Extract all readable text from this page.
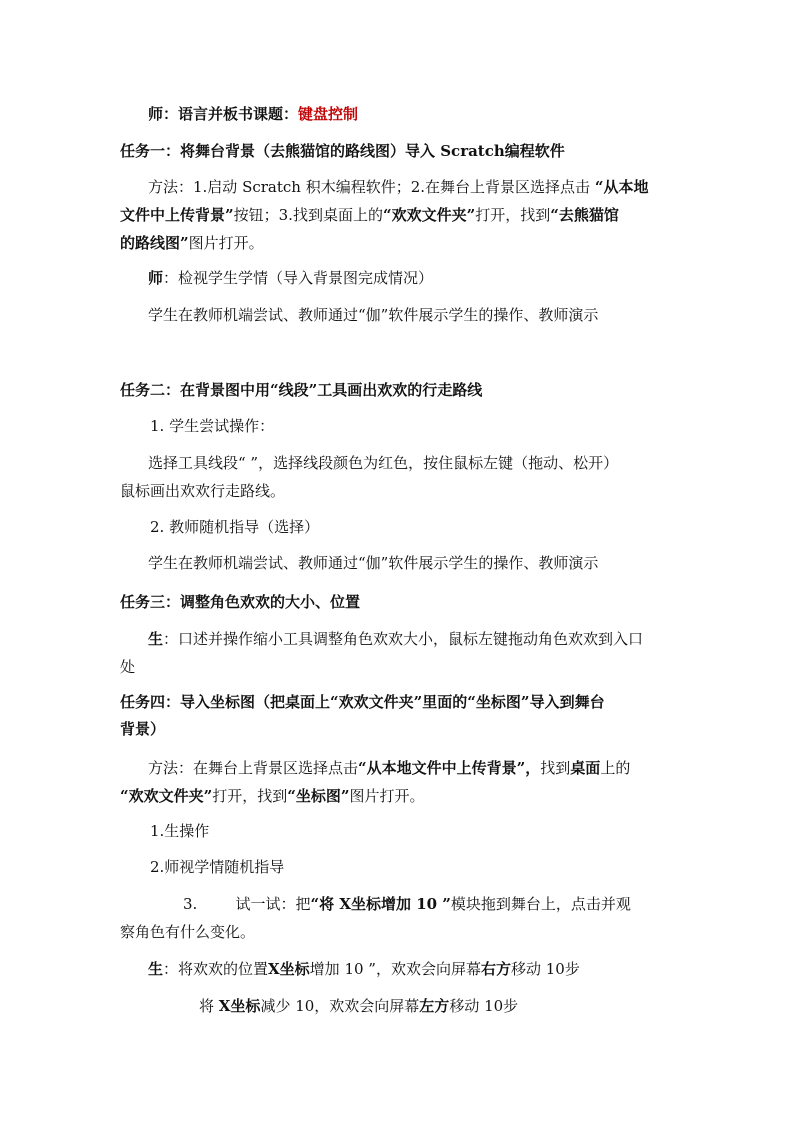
师：语言并板书课题：键盘控制
任务一：将舞台背景（去熊猫馆的路线图）导入 Scratch编程软件
方法：1.启动 Scratch 积木编程软件；2.在舞台上背景区选择点击 “从本地
文件中上传背景”按钮；3.找到桌面上的“欢欢文件夹”打开，找到“去熊猫馆
的路线图”图片打开。
师：检视学生学情（导入背景图完成情况）
学生在教师机端尝试、教师通过“伽”软件展示学生的操作、教师演示
任务二：在背景图中用“线段”工具画出欢欢的行走路线
1. 学生尝试操作：
选择工具线段“ ”，选择线段颜色为红色，按住鼠标左键（拖动、松开）
鼠标画出欢欢行走路线。
2. 教师随机指导（选择）
学生在教师机端尝试、教师通过“伽”软件展示学生的操作、教师演示
任务三：调整角色欢欢的大小、位置
生：口述并操作缩小工具调整角色欢欢大小，鼠标左键拖动角色欢欢到入口
处
任务四：导入坐标图（把桌面上“欢欢文件夹”里面的“坐标图”导入到舞台
背景）
方法：在舞台上背景区选择点击“从本地文件中上传背景”，找到桌面上的
“欢欢文件夹”打开，找到“坐标图”图片打开。
1.生操作
2.师视学情随机指导
3.	试一试：把“将 X坐标增加 10 ”模块拖到舞台上，点击并观
察角色有什么变化。
生：将欢欢的位置X坐标增加 10 ”，欢欢会向屏幕右方移动 10步
将 X坐标减少 10，欢欢会向屏幕左方移动 10步
